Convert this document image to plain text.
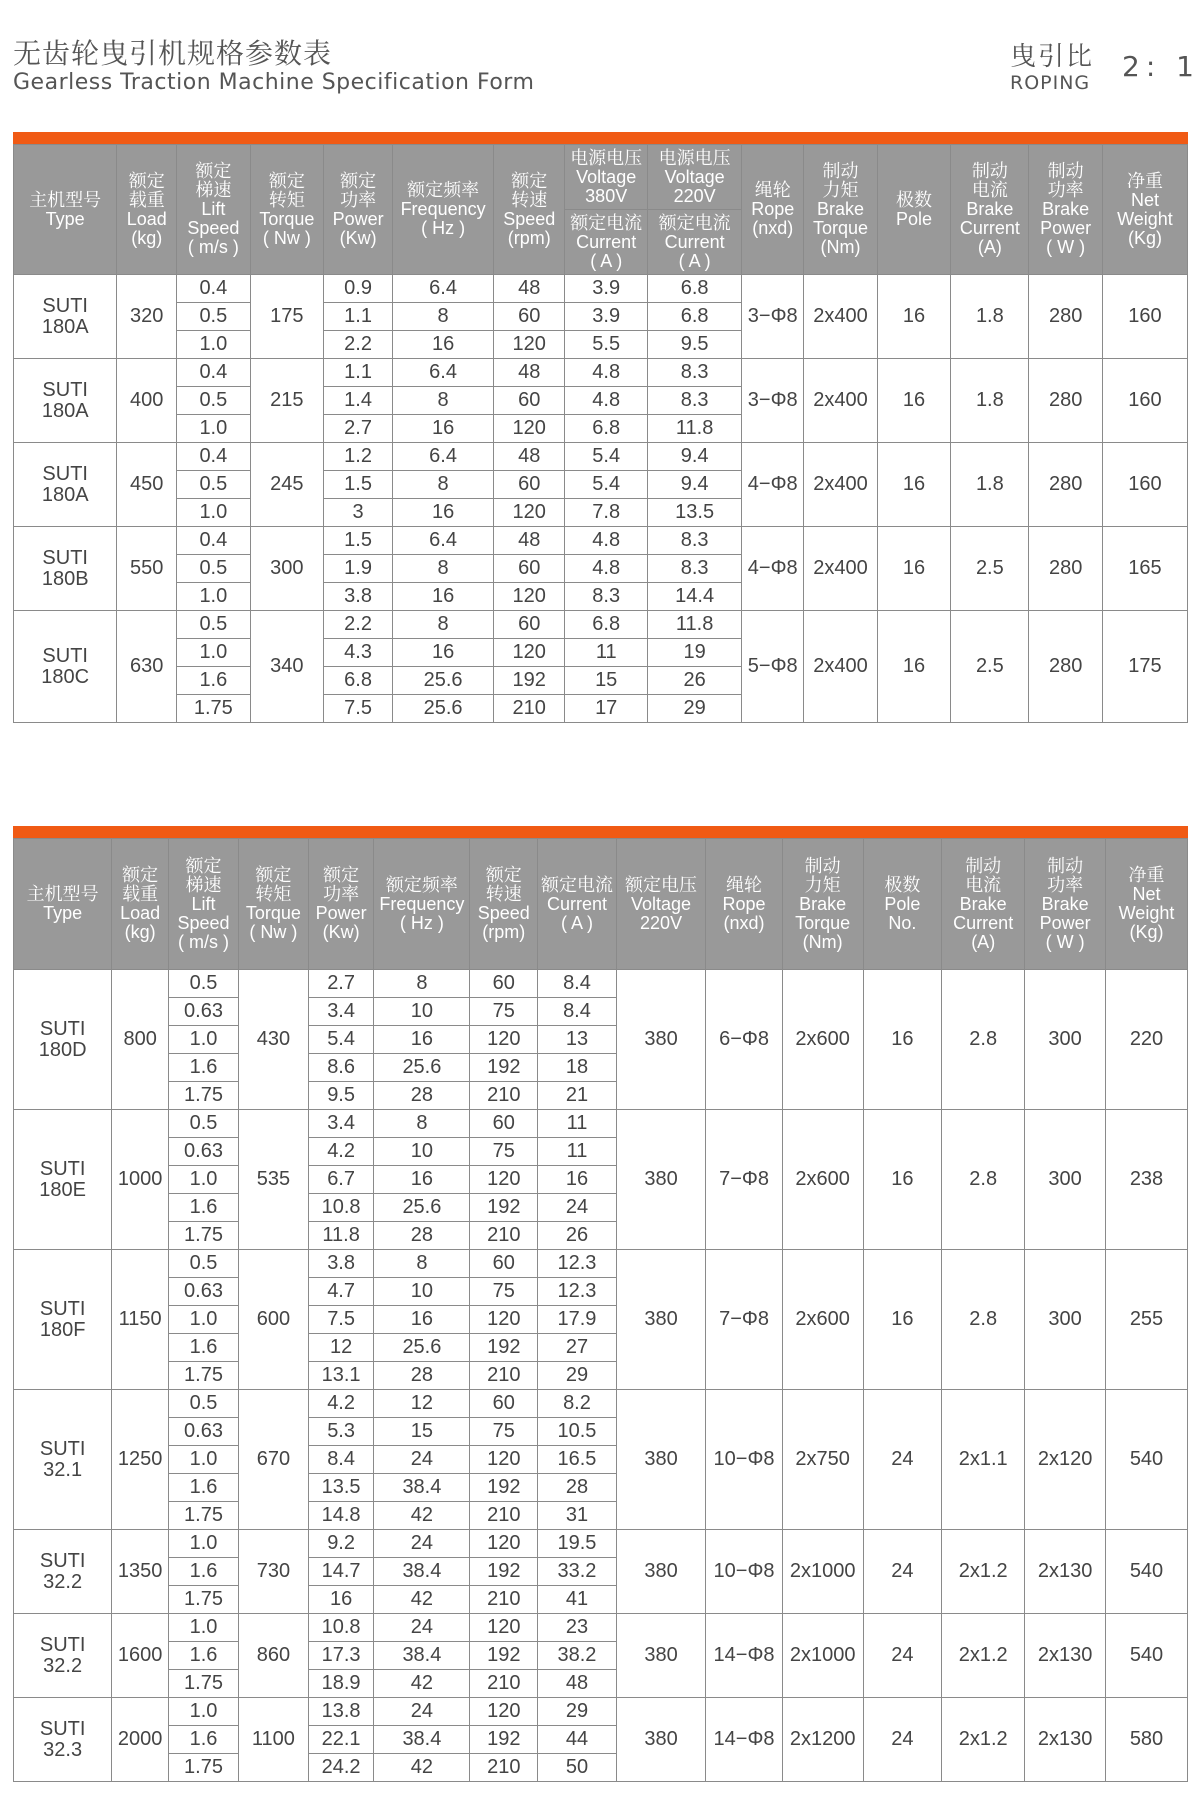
无齿轮曳引机规格参数表
Gearless Traction Machine Specification Form
曳引比
ROPING 2: 1
主机型号
Type	额定
载重
Load
(kg)	额定
梯速
Lift
Speed
( m/s )	额定
转矩
Torque
( Nw )	额定
功率
Power
(Kw)	额定频率
Frequency
( Hz )	额定
转速
Speed
(rpm)	电源电压
Voltage
380V	电源电压
Voltage
220V	绳轮
Rope
(nxd)	制动
力矩
Brake
Torque
(Nm)	极数
Pole	制动
电流
Brake
Current
(A)	制动
功率
Brake
Power
( W )	净重
Net
Weight
(Kg)
							额定电流
Current
( A )	额定电流
Current
( A )						
SUTI
180A	320	0.4	175	0.9	6.4	48	3.9	6.8	3−Φ8	2x400	16	1.8	280	160
		0.5		1.1	8	60	3.9	6.8						
		1.0		2.2	16	120	5.5	9.5						
SUTI
180A	400	0.4	215	1.1	6.4	48	4.8	8.3	3−Φ8	2x400	16	1.8	280	160
		0.5		1.4	8	60	4.8	8.3						
		1.0		2.7	16	120	6.8	11.8						
SUTI
180A	450	0.4	245	1.2	6.4	48	5.4	9.4	4−Φ8	2x400	16	1.8	280	160
		0.5		1.5	8	60	5.4	9.4						
		1.0		3	16	120	7.8	13.5						
SUTI
180B	550	0.4	300	1.5	6.4	48	4.8	8.3	4−Φ8	2x400	16	2.5	280	165
		0.5		1.9	8	60	4.8	8.3						
		1.0		3.8	16	120	8.3	14.4						
SUTI
180C	630	0.5	340	2.2	8	60	6.8	11.8	5−Φ8	2x400	16	2.5	280	175
		1.0		4.3	16	120	11	19						
		1.6		6.8	25.6	192	15	26						
		1.75		7.5	25.6	210	17	29						
主机型号
Type	额定
载重
Load
(kg)	额定
梯速
Lift
Speed
( m/s )	额定
转矩
Torque
( Nw )	额定
功率
Power
(Kw)	额定频率
Frequency
( Hz )	额定
转速
Speed
(rpm)	额定电流
Current
( A )	额定电压
Voltage
220V	绳轮
Rope
(nxd)	制动
力矩
Brake
Torque
(Nm)	极数
Pole
No.	制动
电流
Brake
Current
(A)	制动
功率
Brake
Power
( W )	净重
Net
Weight
(Kg)
SUTI
180D	800	0.5	430	2.7	8	60	8.4	380	6−Φ8	2x600	16	2.8	300	220
		0.63		3.4	10	75	8.4							
		1.0		5.4	16	120	13							
		1.6		8.6	25.6	192	18							
		1.75		9.5	28	210	21							
SUTI
180E	1000	0.5	535	3.4	8	60	11	380	7−Φ8	2x600	16	2.8	300	238
		0.63		4.2	10	75	11							
		1.0		6.7	16	120	16							
		1.6		10.8	25.6	192	24							
		1.75		11.8	28	210	26							
SUTI
180F	1150	0.5	600	3.8	8	60	12.3	380	7−Φ8	2x600	16	2.8	300	255
		0.63		4.7	10	75	12.3							
		1.0		7.5	16	120	17.9							
		1.6		12	25.6	192	27							
		1.75		13.1	28	210	29							
SUTI
32.1	1250	0.5	670	4.2	12	60	8.2	380	10−Φ8	2x750	24	2x1.1	2x120	540
		0.63		5.3	15	75	10.5							
		1.0		8.4	24	120	16.5							
		1.6		13.5	38.4	192	28							
		1.75		14.8	42	210	31							
SUTI
32.2	1350	1.0	730	9.2	24	120	19.5	380	10−Φ8	2x1000	24	2x1.2	2x130	540
		1.6		14.7	38.4	192	33.2							
		1.75		16	42	210	41							
SUTI
32.2	1600	1.0	860	10.8	24	120	23	380	14−Φ8	2x1000	24	2x1.2	2x130	540
		1.6		17.3	38.4	192	38.2							
		1.75		18.9	42	210	48							
SUTI
32.3	2000	1.0	1100	13.8	24	120	29	380	14−Φ8	2x1200	24	2x1.2	2x130	580
		1.6		22.1	38.4	192	44							
		1.75		24.2	42	210	50							
